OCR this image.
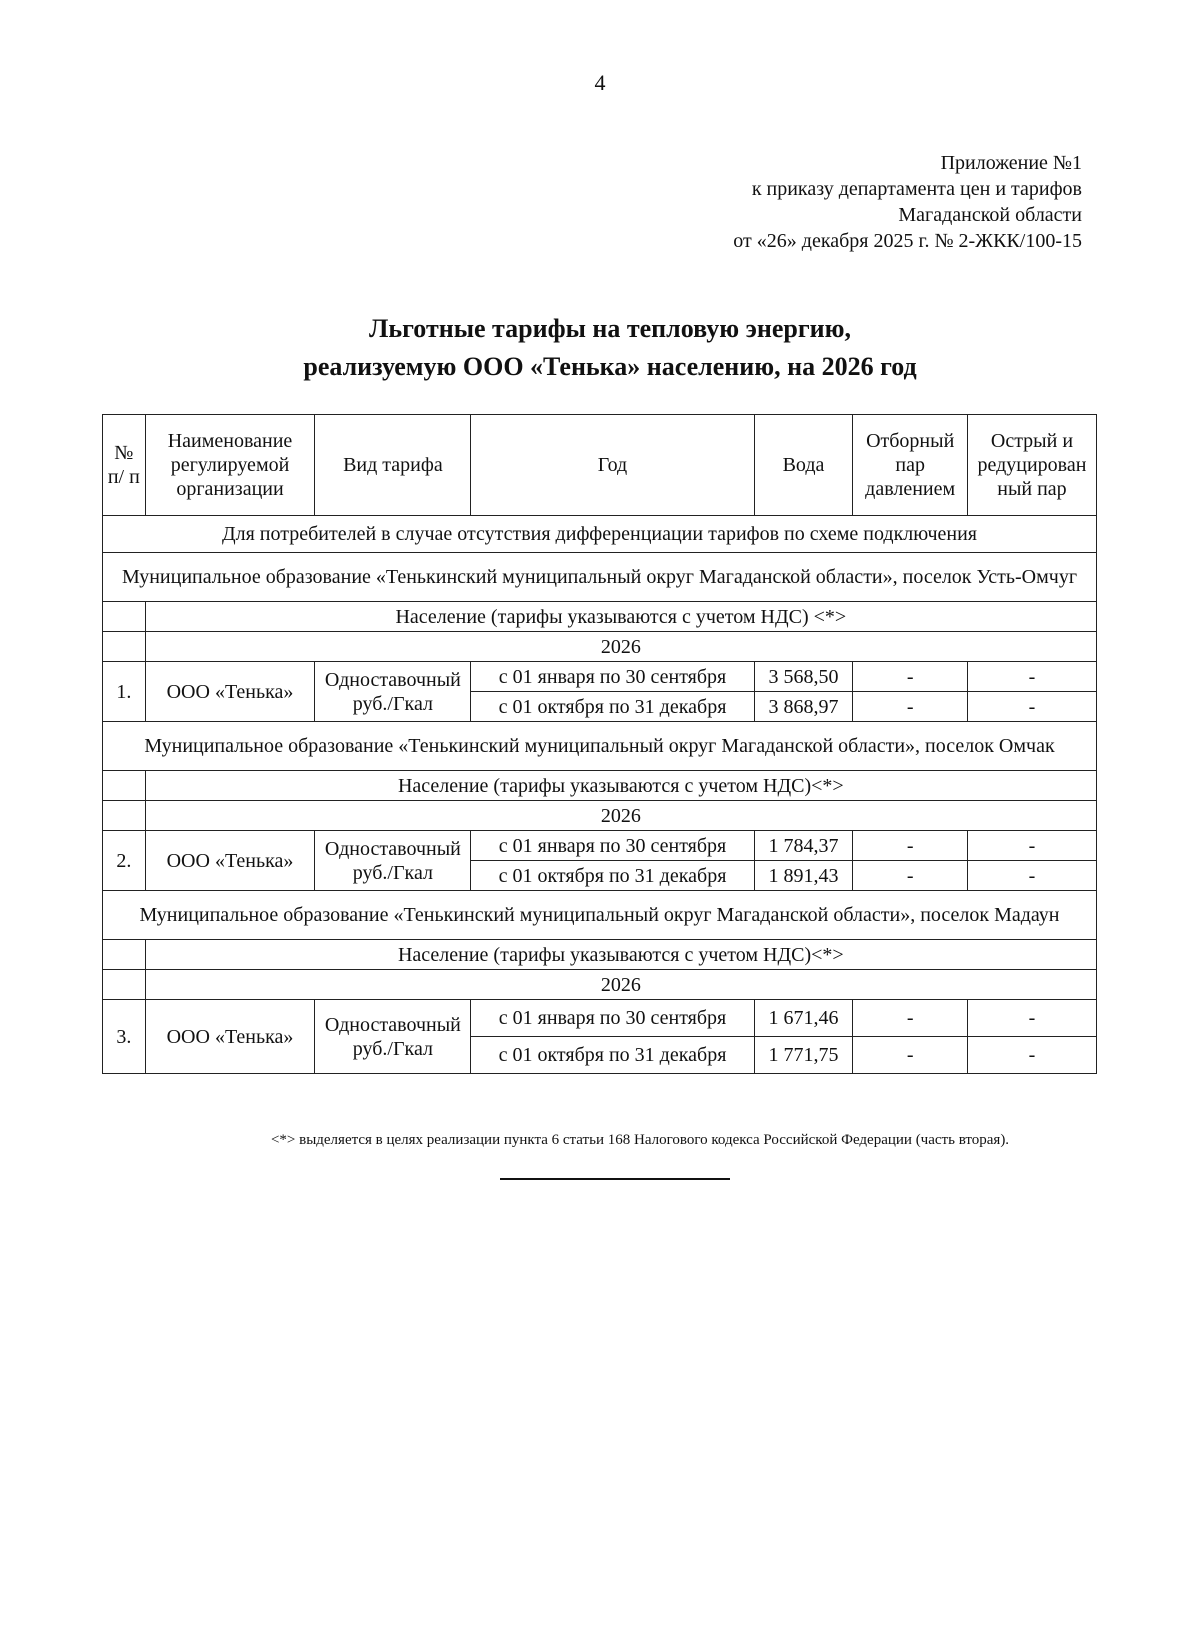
4
Приложение №1
к приказу департамента цен и тарифов
Магаданской области
от «26» декабря 2025 г. № 2-ЖКК/100-15
Льготные тарифы на тепловую энергию,
реализуемую ООО «Тенька» населению, на 2026 год
№ п/ п	Наименование регулируемой организации	Вид тарифа	Год	Вода	Отборный пар давлением	Острый и редуцирован ный пар
Для потребителей в случае отсутствия дифференциации тарифов по схеме подключения						
Муниципальное образование «Тенькинский муниципальный округ Магаданской области», поселок Усть-Омчуг						
	Население (тарифы указываются с учетом НДС) <*>					
	2026					
1.	ООО «Тенька»	Одноставочный руб./Гкал	с 01 января по 30 сентября	3 568,50	-	-
			с 01 октября по 31 декабря	3 868,97	-	-
Муниципальное образование «Тенькинский муниципальный округ Магаданской области», поселок Омчак						
	Население (тарифы указываются с учетом НДС)<*>					
	2026					
2.	ООО «Тенька»	Одноставочный руб./Гкал	с 01 января по 30 сентября	1 784,37	-	-
			с 01 октября по 31 декабря	1 891,43	-	-
Муниципальное образование «Тенькинский муниципальный округ Магаданской области», поселок Мадаун						
	Население (тарифы указываются с учетом НДС)<*>					
	2026					
3.	ООО «Тенька»	Одноставочный руб./Гкал	с 01 января по 30 сентября	1 671,46	-	-
			с 01 октября по 31 декабря	1 771,75	-	-
<*> выделяется в целях реализации пункта 6 статьи 168 Налогового кодекса Российской Федерации (часть вторая).
